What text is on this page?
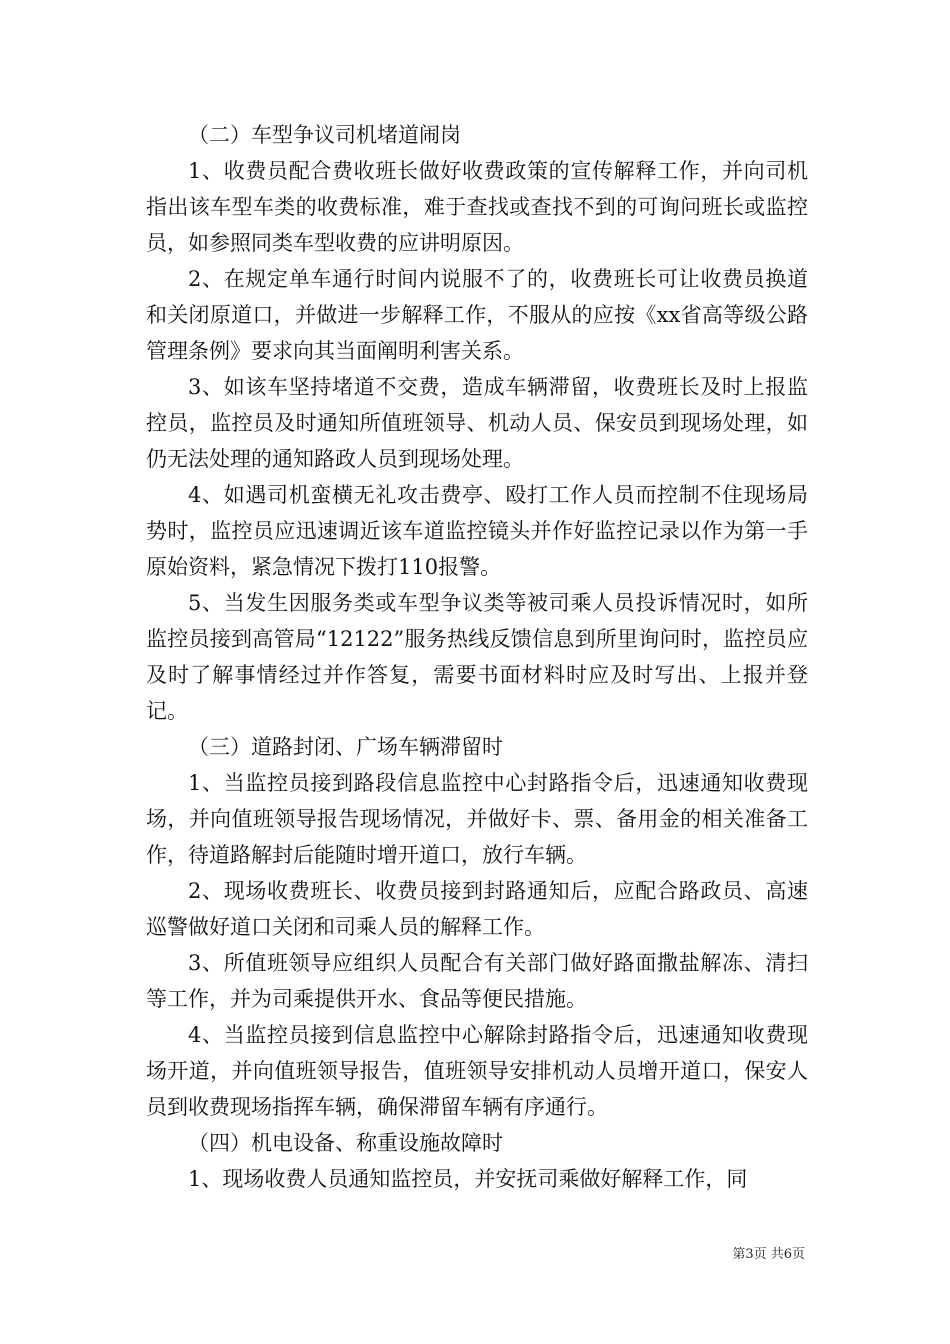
（二）车型争议司机堵道闹岗

1、收费员配合费收班长做好收费政策的宣传解释工作，并向司机指出该车型车类的收费标准，难于查找或查找不到的可询问班长或监控员，如参照同类车型收费的应讲明原因。

2、在规定单车通行时间内说服不了的，收费班长可让收费员换道和关闭原道口，并做进一步解释工作，不服从的应按《xx省高等级公路管理条例》要求向其当面阐明利害关系。

3、如该车坚持堵道不交费，造成车辆滞留，收费班长及时上报监控员，监控员及时通知所值班领导、机动人员、保安员到现场处理，如仍无法处理的通知路政人员到现场处理。

4、如遇司机蛮横无礼攻击费亭、殴打工作人员而控制不住现场局势时，监控员应迅速调近该车道监控镜头并作好监控记录以作为第一手原始资料，紧急情况下拨打110报警。

5、当发生因服务类或车型争议类等被司乘人员投诉情况时，如所监控员接到高管局“12122”服务热线反馈信息到所里询问时，监控员应及时了解事情经过并作答复，需要书面材料时应及时写出、上报并登记。

（三）道路封闭、广场车辆滞留时

1、当监控员接到路段信息监控中心封路指令后，迅速通知收费现场，并向值班领导报告现场情况，并做好卡、票、备用金的相关准备工作，待道路解封后能随时增开道口，放行车辆。

2、现场收费班长、收费员接到封路通知后，应配合路政员、高速巡警做好道口关闭和司乘人员的解释工作。

3、所值班领导应组织人员配合有关部门做好路面撒盐解冻、清扫等工作，并为司乘提供开水、食品等便民措施。

4、当监控员接到信息监控中心解除封路指令后，迅速通知收费现场开道，并向值班领导报告，值班领导安排机动人员增开道口，保安人员到收费现场指挥车辆，确保滞留车辆有序通行。

（四）机电设备、称重设施故障时

1、现场收费人员通知监控员，并安抚司乘做好解释工作，同

第3页 共6页
